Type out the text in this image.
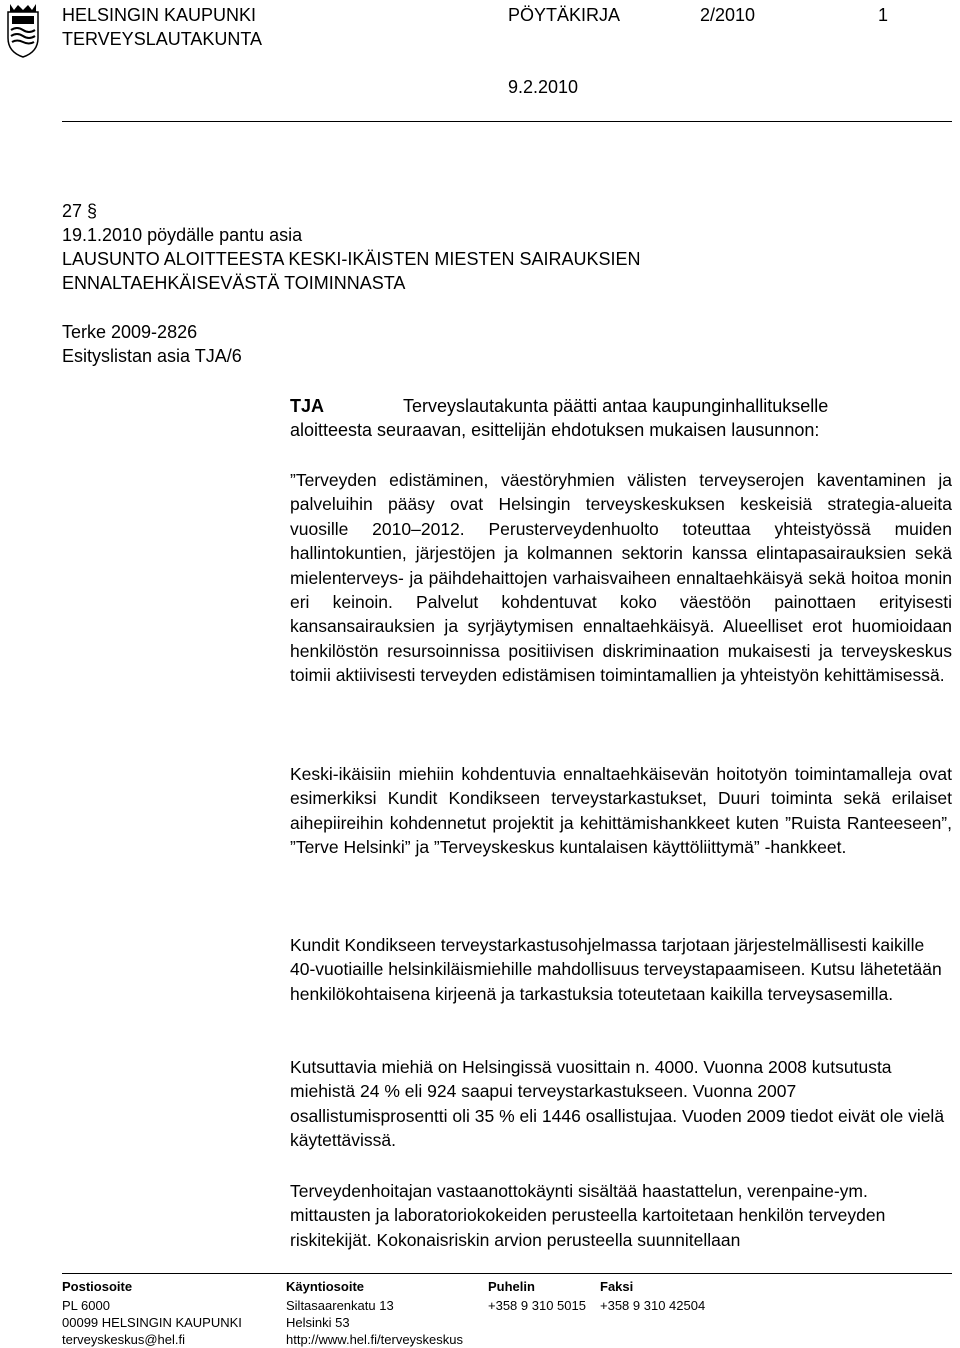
HELSINGIN KAUPUNKI
TERVEYSLAUTAKUNTA
PÖYTÄKIRJA	2/2010	1
9.2.2010
27 §
19.1.2010 pöydälle pantu asia
LAUSUNTO ALOITTEESTA KESKI-IKÄISTEN MIESTEN SAIRAUKSIEN
ENNALTAEHKÄISEVÄSTÄ TOIMINNASTA
Terke 2009-2826
Esityslistan asia TJA/6
TJA	Terveyslautakunta päätti antaa kaupunginhallitukselle
aloitteesta seuraavan, esittelijän ehdotuksen mukaisen lausunnon:

”Terveyden edistäminen, väestöryhmien välisten terveyserojen kaventaminen ja palveluihin pääsy ovat Helsingin terveyskeskuksen keskeisiä strategia-alueita vuosille 2010–2012. Perusterveydenhuolto toteuttaa yhteistyössä muiden hallintokuntien, järjestöjen ja kolmannen sektorin kanssa elintapasairauksien sekä mielenterveys- ja päihdehaittojen varhaisvaiheen ennaltaehkäisyä sekä hoitoa monin eri keinoin. Palvelut kohdentuvat koko väestöön painottaen erityisesti kansansairauksien ja syrjäytymisen ennaltaehkäisyä. Alueelliset erot huomioidaan henkilöstön resursoinnissa positiivisen diskriminaation mukaisesti ja terveyskeskus toimii aktiivisesti terveyden edistämisen toimintamallien ja yhteistyön kehittämisessä.

Keski-ikäisiin miehiin kohdentuvia ennaltaehkäisevän hoitotyön toimintamalleja ovat esimerkiksi Kundit Kondikseen terveystarkastukset, Duuri toiminta sekä erilaiset aihepiireihin kohdennetut projektit ja kehittämishankkeet kuten ”Ruista Ranteeseen”, ”Terve Helsinki” ja ”Terveyskeskus kuntalaisen käyttöliittymä” -hankkeet.

Kundit Kondikseen terveystarkastusohjelmassa tarjotaan järjestelmällisesti kaikille 40-vuotiaille helsinkiläismiehille mahdollisuus terveystapaamiseen. Kutsu lähetetään henkilökohtaisena kirjeenä ja tarkastuksia toteutetaan kaikilla terveysasemilla.

Kutsuttavia miehiä on Helsingissä vuosittain n. 4000. Vuonna 2008 kutsutusta miehistä 24 % eli 924 saapui terveystarkastukseen. Vuonna 2007 osallistumisprosentti oli 35 % eli 1446 osallistujaa. Vuoden 2009 tiedot eivät ole vielä käytettävissä.

Terveydenhoitajan vastaanottokäynti sisältää haastattelun, verenpaine-ym. mittausten ja laboratoriokokeiden perusteella kartoitetaan henkilön terveyden riskitekijät. Kokonaisriskin arvion perusteella suunnitellaan

Postiosoite
PL 6000
00099 HELSINGIN KAUPUNKI
terveyskeskus@hel.fi
Käyntiosoite
Siltasaarenkatu 13
Helsinki 53
http://www.hel.fi/terveyskeskus
Puhelin
+358 9 310 5015
Faksi
+358 9 310 42504
